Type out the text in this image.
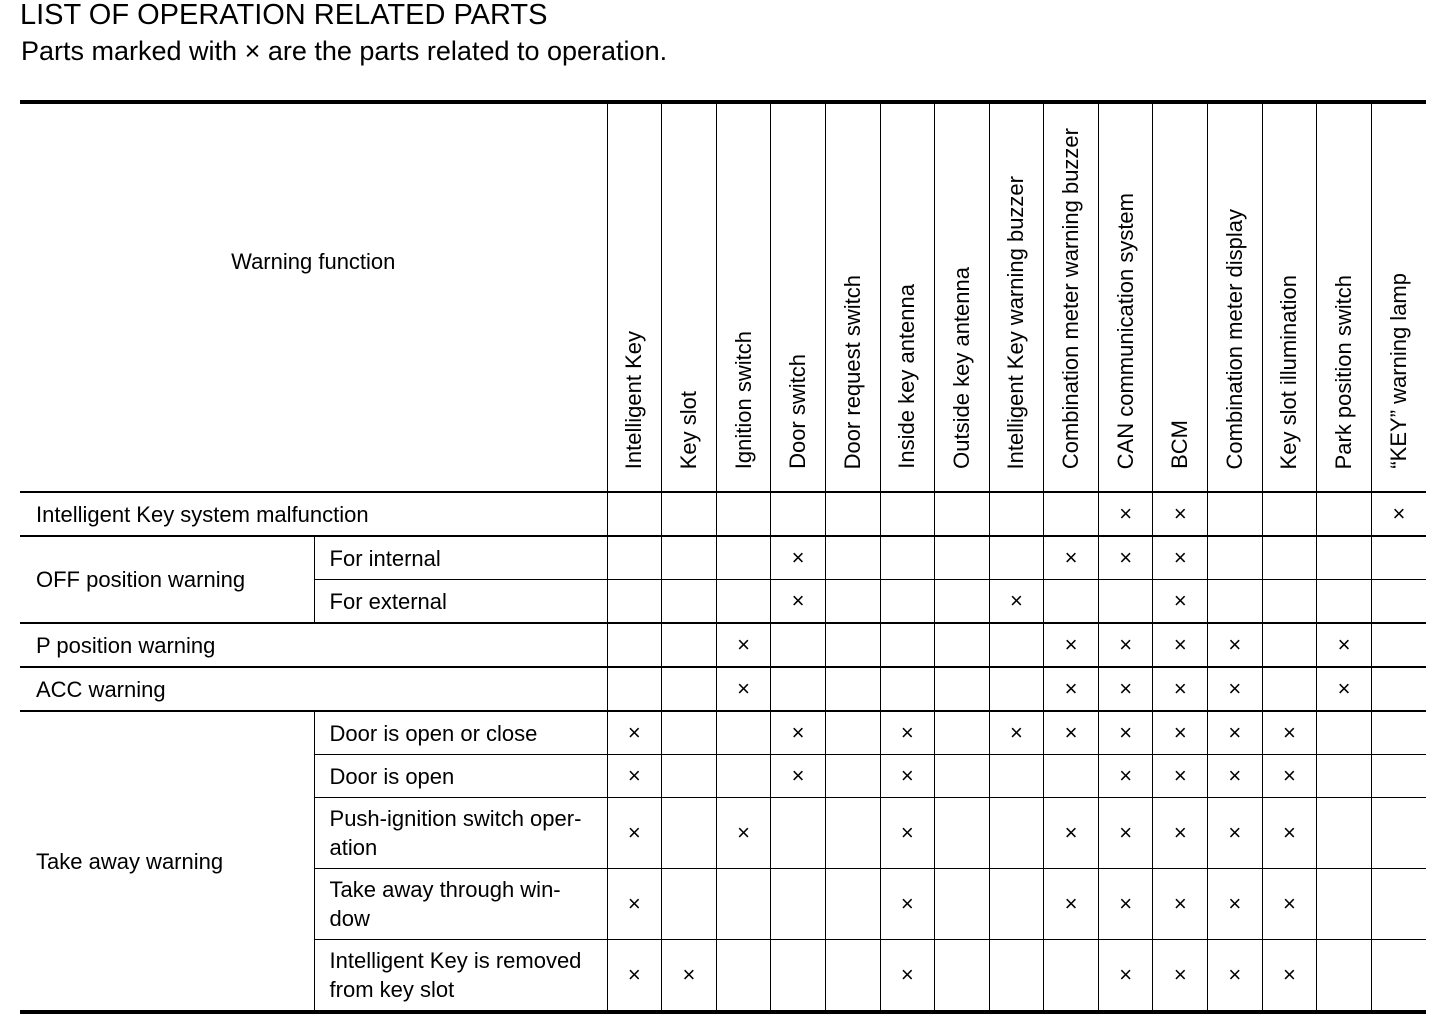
LIST OF OPERATION RELATED PARTS
Parts marked with × are the parts related to operation.
Warning function		Intelligent Key	Key slot	Ignition switch	Door switch	Door request switch	Inside key antenna	Outside key antenna	Intelligent Key warning buzzer	Combination meter warning buzzer	CAN communication system	BCM	Combination meter display	Key slot illumination	Park position switch	“KEY” warning lamp
Intelligent Key system malfunction											×	×				×
OFF position warning	For internal				×					×	×	×				
	For external				×				×			×				
P position warning				×						×	×	×	×		×	
ACC warning				×						×	×	×	×		×	
Take away warning	Door is open or close	×			×		×		×	×	×	×	×	×		
	Door is open	×			×		×				×	×	×	×		
	Push-ignition switch oper-
ation	×		×			×			×	×	×	×	×		
	Take away through win-
dow	×					×			×	×	×	×	×		
	Intelligent Key is removed
from key slot	×	×				×				×	×	×	×		
